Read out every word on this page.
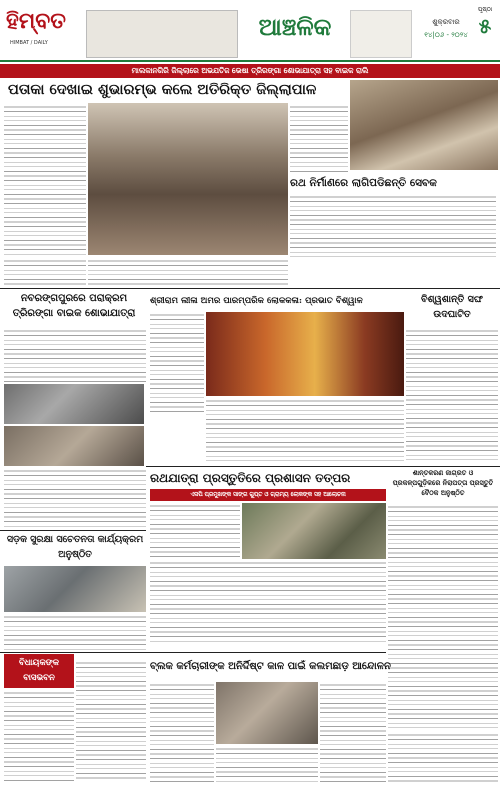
ହିମ୍ବତ
HIMBAT / DAILY
ଆଞ୍ଚଳିକ	ଶୁକ୍ରବାର
୧୪|୦୬ - ୨୦୨୪
ପୃଷ୍ଠା
୫
ମାଲକାନଗିରି ଜିଲ୍ଲାରେ ଅଭଯତିଜ ଭେଷା ତ୍ରିରଙ୍ଗା ଶୋଭାଯାତ୍ରା ସହ ବାଇକ ରାଲି
ପତାକା ଦେଖାଇ ଶୁଭାରମ୍ଭ କଲେ ଅତିରିକ୍ତ ଜିଲ୍ଲାପାଳ
ରଥ ନିର୍ମାଣରେ ଲାଗିପଡିଛନ୍ତି ସେବକ
ନବରଙ୍ଗପୁରରେ ପରାକ୍ରମ ତ୍ରିରଙ୍ଗା ବାଇକ ଶୋଭାଯାତ୍ରା
ଶ୍ରୀରାମ ଲୀଳା ଅମର ପାରମ୍ପରିକ ଲୋକକଳା: ପ୍ରଭାତ ବିଶ୍ୱାଳ	ବିଶ୍ୱଶାନ୍ତି ସଙ୍ଘ ଉଦଘାଟିତ
ରଥଯାତ୍ରା ପ୍ରସ୍ତୁତିରେ ପ୍ରଶାସନ ତତ୍ପର
ଏସପି ପ୍ରମୁଖଙ୍କ ସାଙ୍ଗ ଗୁପ୍ତ ଓ ଗ୍ରାମ୍ୟ ଲୋକଙ୍କ ସହ ଆଲୋଚନା
ଶାନ୍ତକରଣ ଜାଗ୍ରତ ଓ ପ୍ରକଳ୍ପଗୁଡ଼ିକରେ ନିରାପତ୍ତା ପ୍ରସ୍ତୁତି ବୈଠକ ଅନୁଷ୍ଠିତ
ସଡ଼କ ସୁରକ୍ଷା ସଚେତନତା କାର୍ଯ୍ୟକ୍ରମ ଅନୁଷ୍ଠିତ
ବିଧାୟକଙ୍କ ବାସଭବନ
ବ୍ଲକ କର୍ମଚାରୀଙ୍କ ଅନିର୍ଦ୍ଦିଷ୍ଟ କାଳ ପାଇଁ କଲମଛାଡ଼ ଆନ୍ଦୋଳନ
